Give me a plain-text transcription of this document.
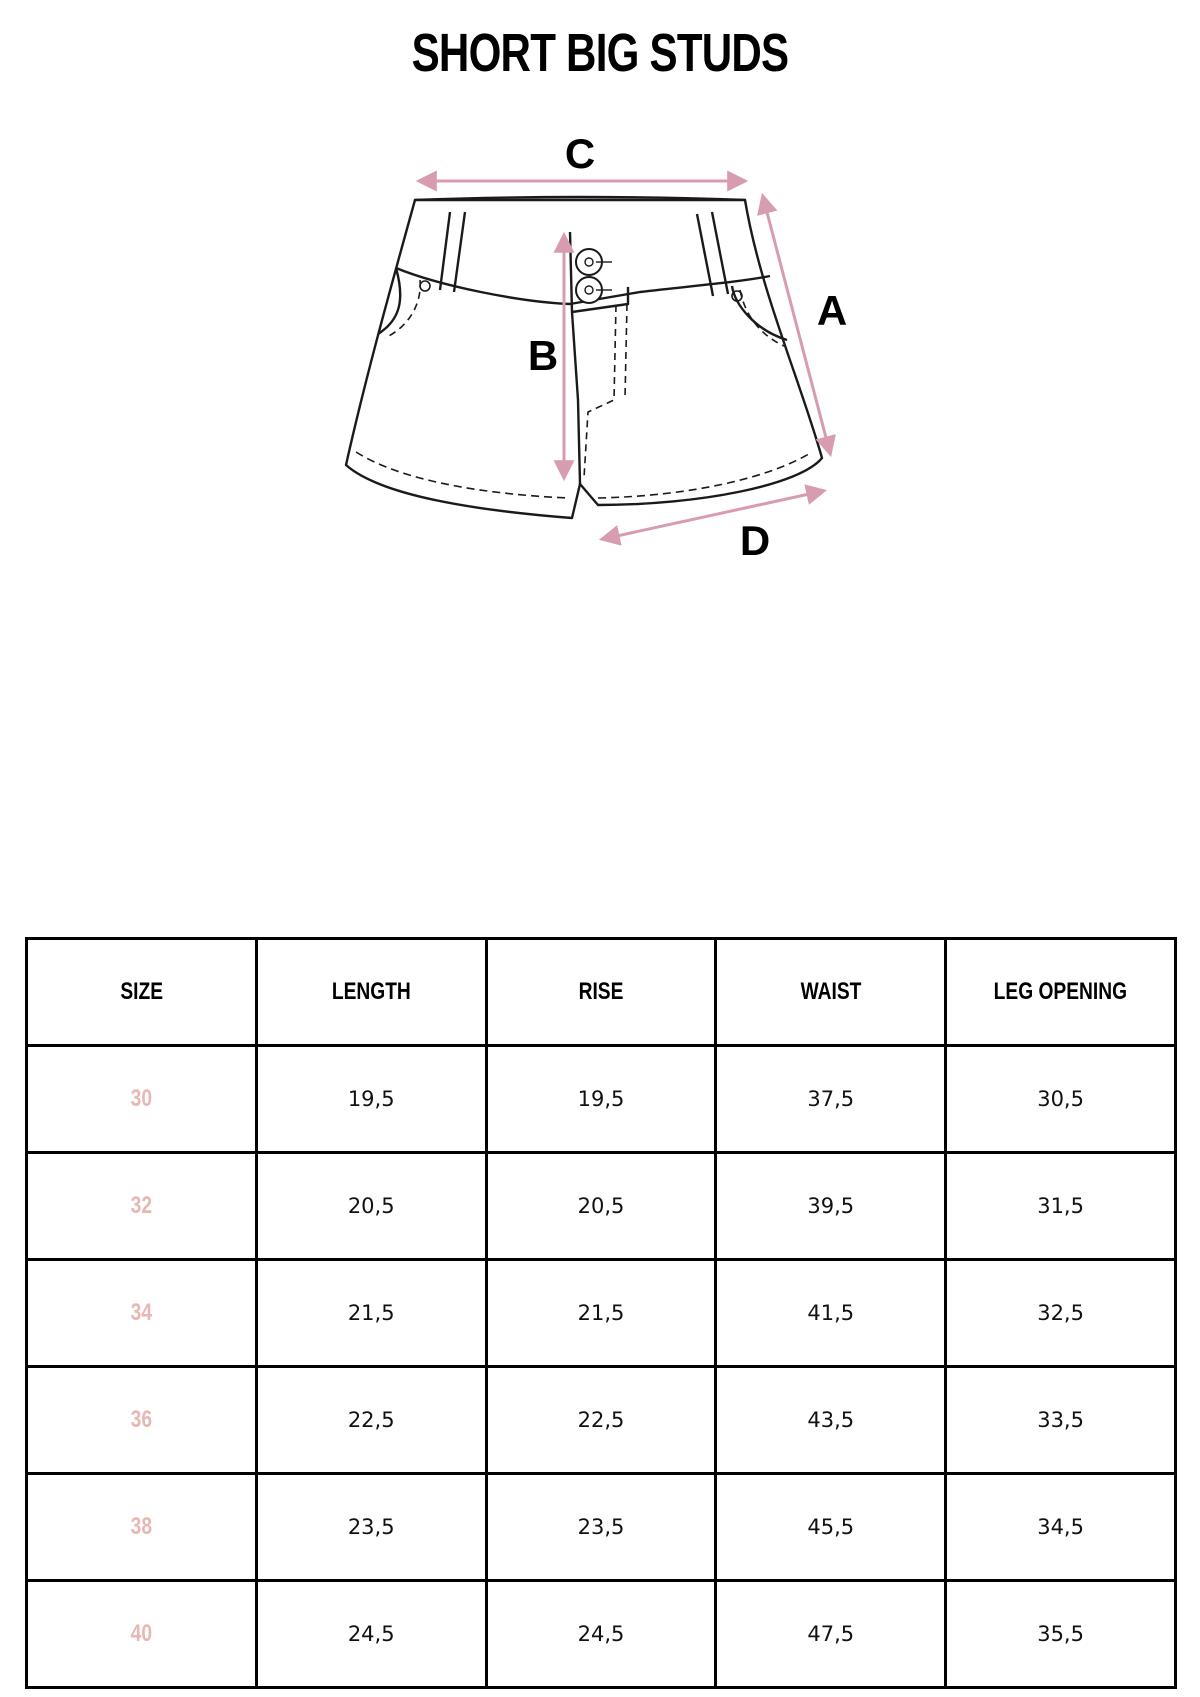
SHORT BIG STUDS
C
A
B
D
SIZE	LENGTH	RISE	WAIST	LEG OPENING
30	19,5	19,5	37,5	30,5
32	20,5	20,5	39,5	31,5
34	21,5	21,5	41,5	32,5
36	22,5	22,5	43,5	33,5
38	23,5	23,5	45,5	34,5
40	24,5	24,5	47,5	35,5
